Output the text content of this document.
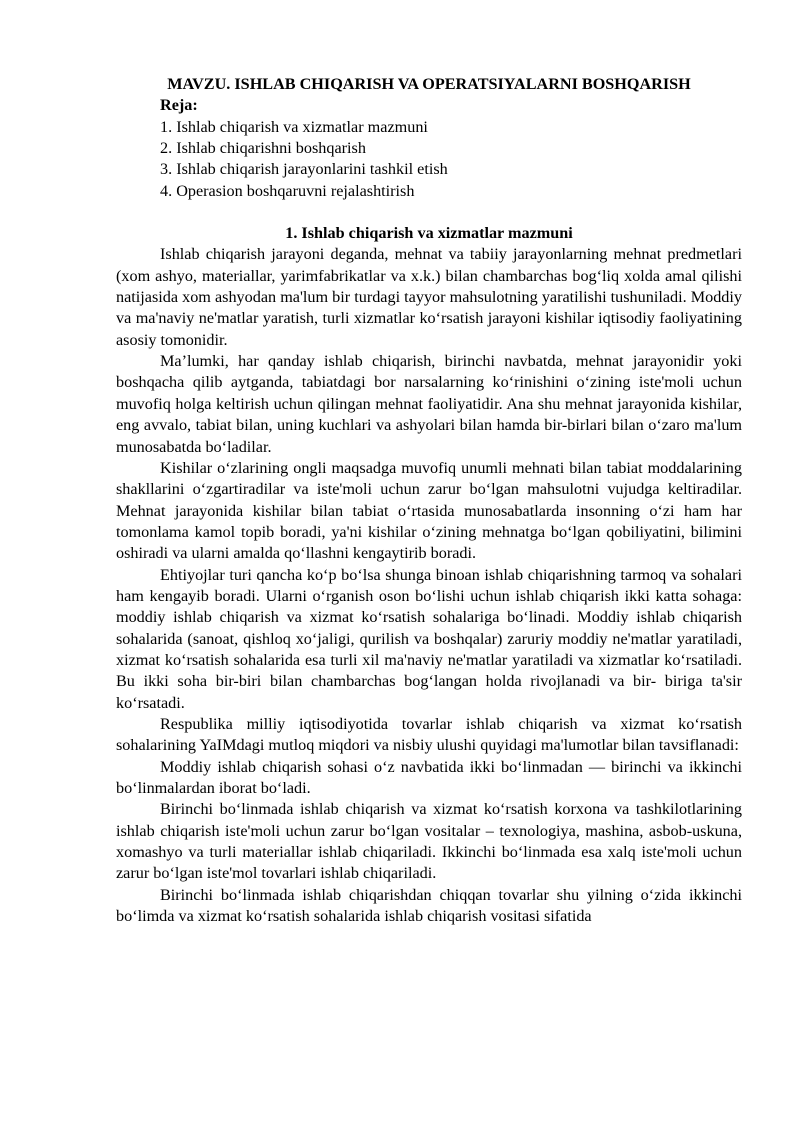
MAVZU. ISHLAB CHIQARISH VA OPERATSIYALARNI BOSHQARISH

Reja:

1. Ishlab chiqarish va xizmatlar mazmuni
2. Ishlab chiqarishni boshqarish
3. Ishlab chiqarish jarayonlarini tashkil etish
4. Operasion boshqaruvni rejalashtirish

1. Ishlab chiqarish va xizmatlar mazmuni

Ishlab chiqarish jarayoni deganda, mehnat va tabiiy jarayonlarning mehnat predmetlari (xom ashyo, materiallar, yarimfabrikatlar va x.k.) bilan chambarchas bogʻliq xolda amal qilishi natijasida xom ashyodan ma'lum bir turdagi tayyor mahsulotning yaratilishi tushuniladi. Moddiy va ma'naviy ne'matlar yaratish, turli xizmatlar koʻrsatish jarayoni kishilar iqtisodiy faoliyatining asosiy tomonidir.

Ma’lumki, har qanday ishlab chiqarish, birinchi navbatda, mehnat jarayonidir yoki boshqacha qilib aytganda, tabiatdagi bor narsalarning koʻrinishini oʻzining iste'moli uchun muvofiq holga keltirish uchun qilingan mehnat faoliyatidir. Ana shu mehnat jarayonida kishilar, eng avvalo, tabiat bilan, uning kuchlari va ashyolari bilan hamda bir-birlari bilan oʻzaro ma'lum munosabatda boʻladilar.

Kishilar oʻzlarining ongli maqsadga muvofiq unumli mehnati bilan tabiat moddalarining shakllarini oʻzgartiradilar va iste'moli uchun zarur boʻlgan mahsulotni vujudga keltiradilar. Mehnat jarayonida kishilar bilan tabiat oʻrtasida munosabatlarda insonning oʻzi ham har tomonlama kamol topib boradi, ya'ni kishilar oʻzining mehnatga boʻlgan qobiliyatini, bilimini oshiradi va ularni amalda qoʻllashni kengaytirib boradi.

Ehtiyojlar turi qancha koʻp boʻlsa shunga binoan ishlab chiqarishning tarmoq va sohalari ham kengayib boradi. Ularni oʻrganish oson boʻlishi uchun ishlab chiqarish ikki katta sohaga: moddiy ishlab chiqarish va xizmat koʻrsatish sohalariga boʻlinadi. Moddiy ishlab chiqarish sohalarida (sanoat, qishloq xoʻjaligi, qurilish va boshqalar) zaruriy moddiy ne'matlar yaratiladi, xizmat koʻrsatish sohalarida esa turli xil ma'naviy ne'matlar yaratiladi va xizmatlar koʻrsatiladi. Bu ikki soha bir-biri bilan chambarchas bogʻlangan holda rivojlanadi va bir- biriga ta'sir koʻrsatadi.

Respublika milliy iqtisodiyotida tovarlar ishlab chiqarish va xizmat koʻrsatish sohalarining YaIMdagi mutloq miqdori va nisbiy ulushi quyidagi ma'lumotlar bilan tavsiflanadi:

Moddiy ishlab chiqarish sohasi oʻz navbatida ikki boʻlinmadan — birinchi va ikkinchi boʻlinmalardan iborat boʻladi.

Birinchi boʻlinmada ishlab chiqarish va xizmat koʻrsatish korxona va tashkilotlarining ishlab chiqarish iste'moli uchun zarur boʻlgan vositalar – texnologiya, mashina, asbob-uskuna, xomashyo va turli materiallar ishlab chiqariladi. Ikkinchi boʻlinmada esa xalq iste'moli uchun zarur boʻlgan iste'mol tovarlari ishlab chiqariladi.

Birinchi boʻlinmada ishlab chiqarishdan chiqqan tovarlar shu yilning oʻzida ikkinchi boʻlimda va xizmat koʻrsatish sohalarida ishlab chiqarish vositasi sifatida
